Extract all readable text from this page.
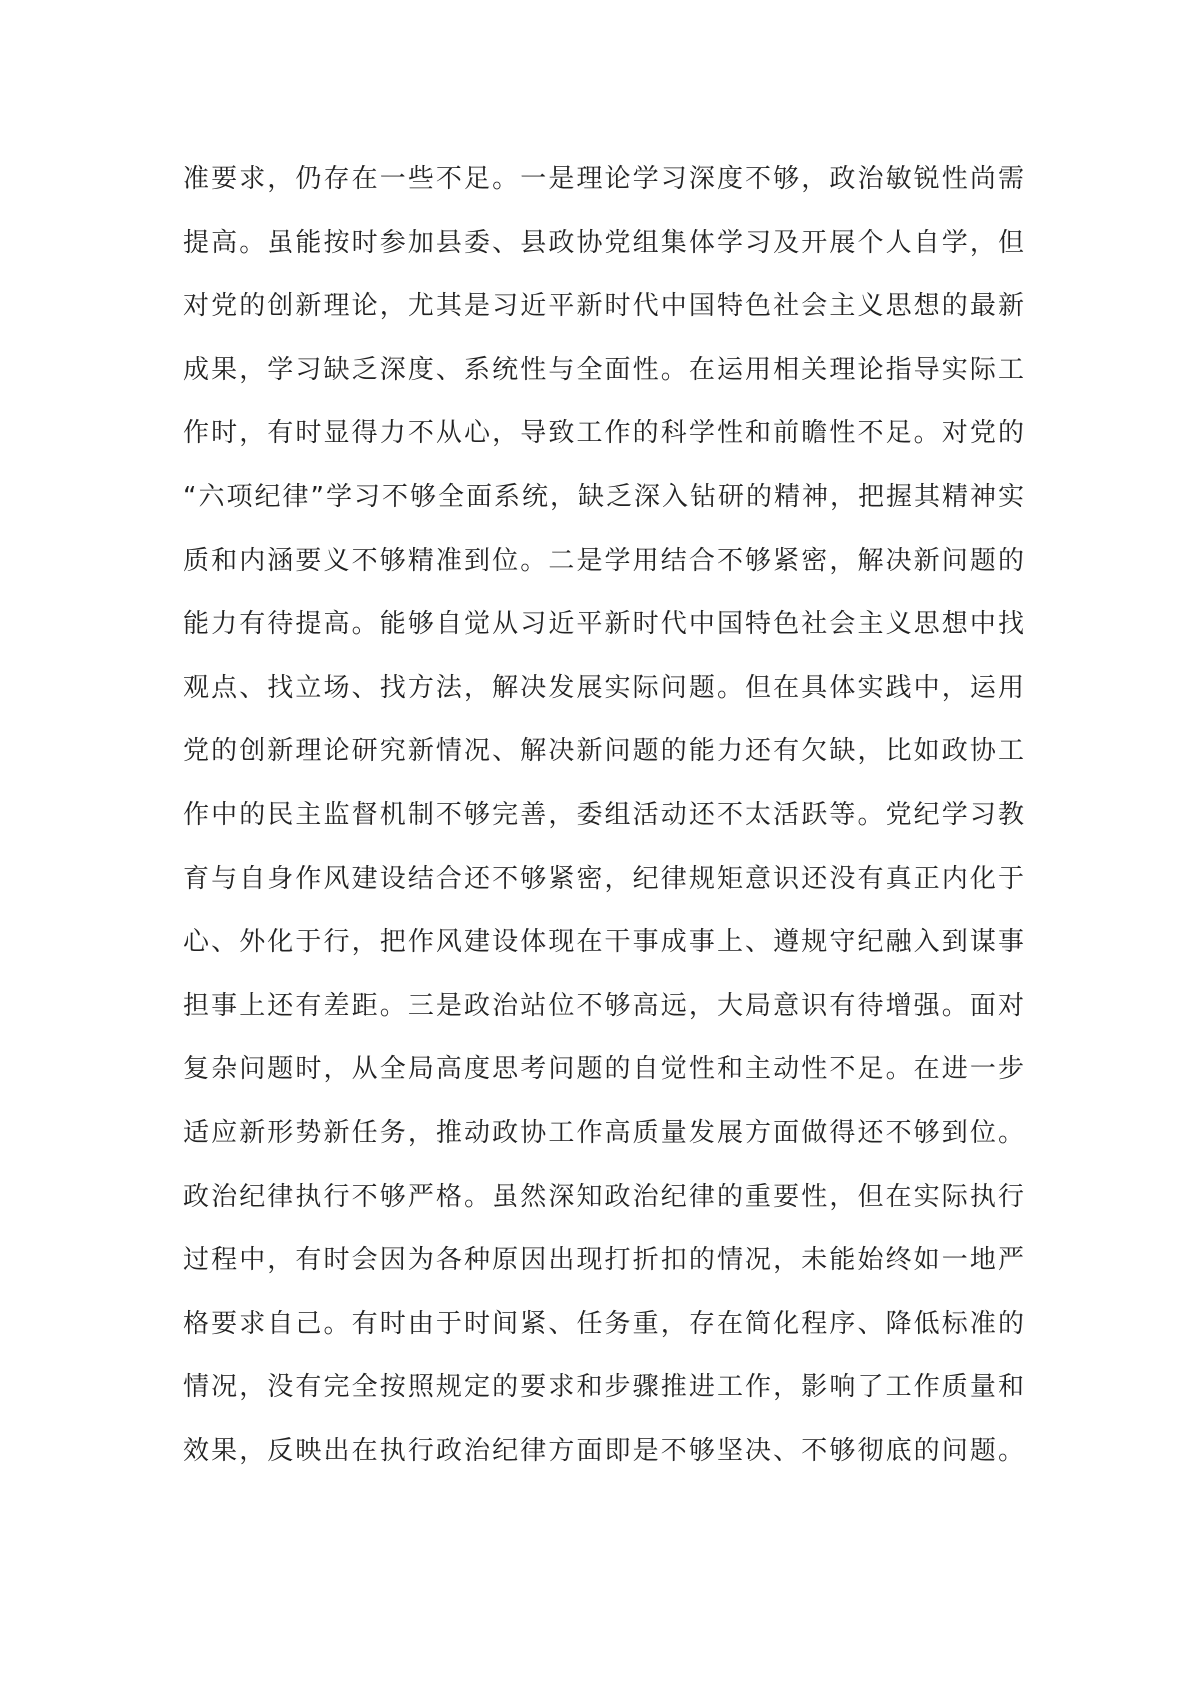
准要求，仍存在一些不足。一是理论学习深度不够，政治敏锐性尚需
提高。虽能按时参加县委、县政协党组集体学习及开展个人自学，但
对党的创新理论，尤其是习近平新时代中国特色社会主义思想的最新
成果，学习缺乏深度、系统性与全面性。在运用相关理论指导实际工
作时，有时显得力不从心，导致工作的科学性和前瞻性不足。对党的
“六项纪律”学习不够全面系统，缺乏深入钻研的精神，把握其精神实
质和内涵要义不够精准到位。二是学用结合不够紧密，解决新问题的
能力有待提高。能够自觉从习近平新时代中国特色社会主义思想中找
观点、找立场、找方法，解决发展实际问题。但在具体实践中，运用
党的创新理论研究新情况、解决新问题的能力还有欠缺，比如政协工
作中的民主监督机制不够完善，委组活动还不太活跃等。党纪学习教
育与自身作风建设结合还不够紧密，纪律规矩意识还没有真正内化于
心、外化于行，把作风建设体现在干事成事上、遵规守纪融入到谋事
担事上还有差距。三是政治站位不够高远，大局意识有待增强。面对
复杂问题时，从全局高度思考问题的自觉性和主动性不足。在进一步
适应新形势新任务，推动政协工作高质量发展方面做得还不够到位。
政治纪律执行不够严格。虽然深知政治纪律的重要性，但在实际执行
过程中，有时会因为各种原因出现打折扣的情况，未能始终如一地严
格要求自己。有时由于时间紧、任务重，存在简化程序、降低标准的
情况，没有完全按照规定的要求和步骤推进工作，影响了工作质量和
效果，反映出在执行政治纪律方面即是不够坚决、不够彻底的问题。
